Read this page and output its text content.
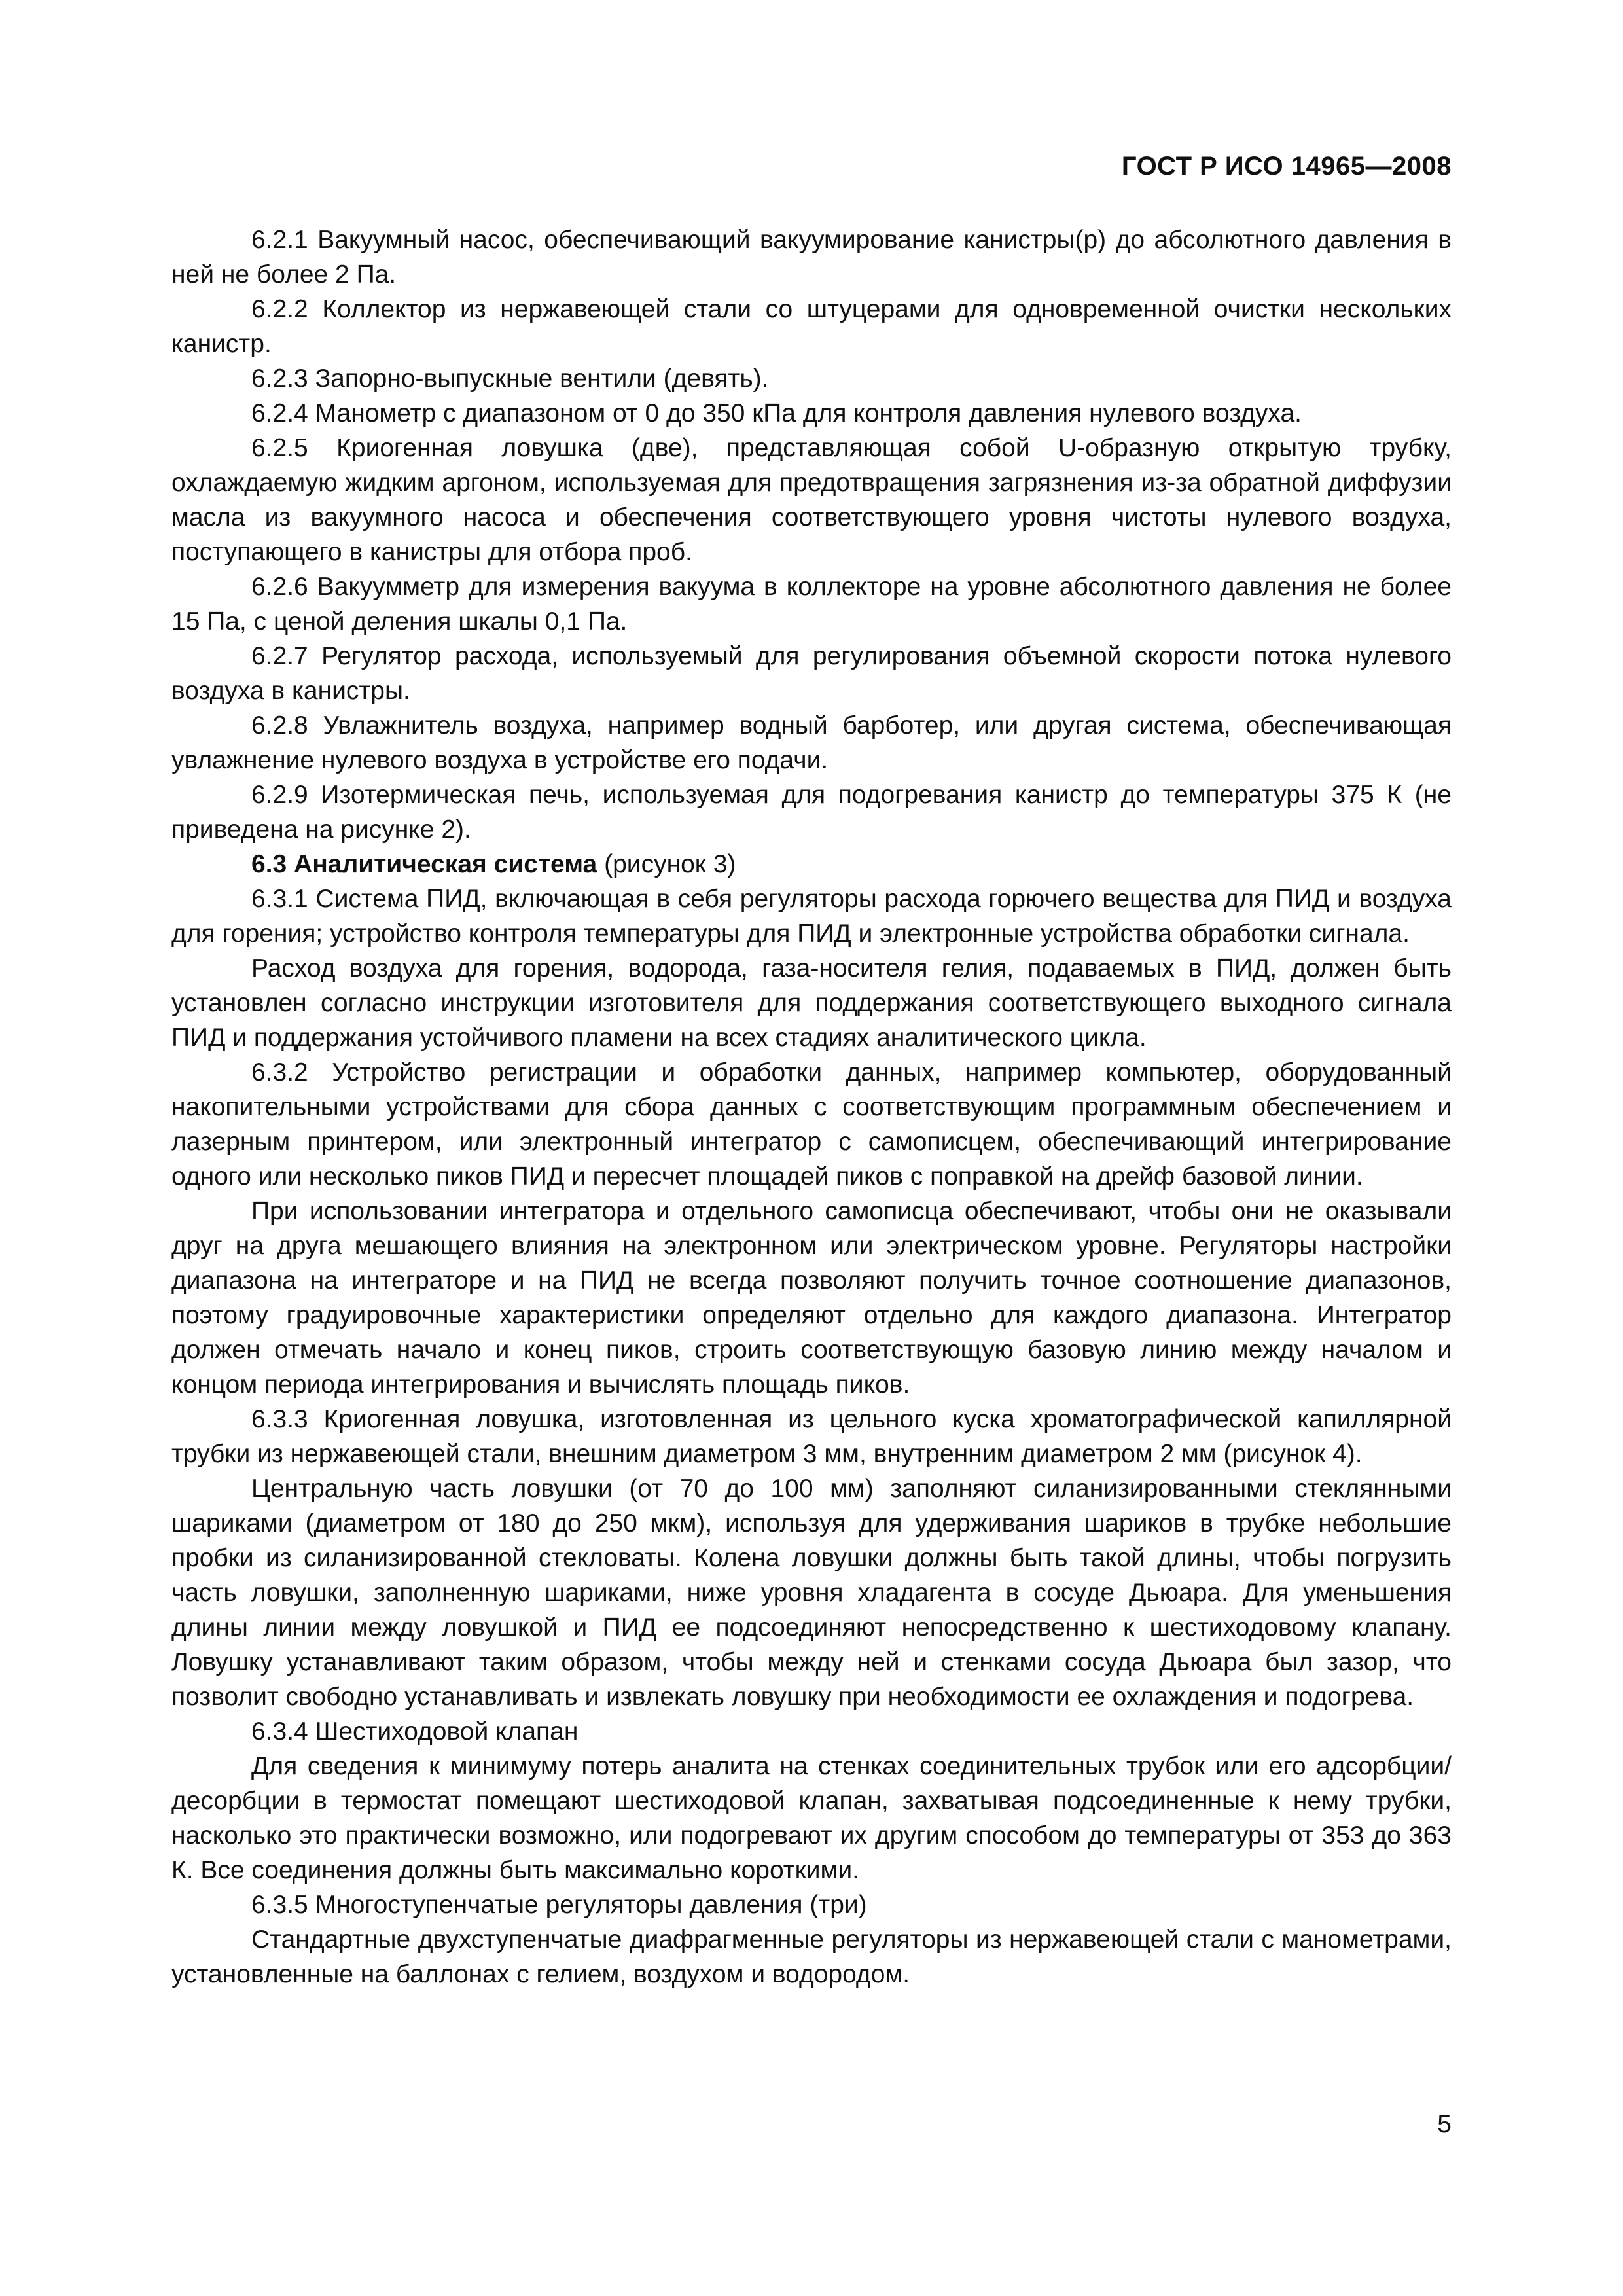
ГОСТ Р ИСО 14965—2008

6.2.1 Вакуумный насос, обеспечивающий вакуумирование канистры(р) до абсолютного давления в ней не более 2 Па.

6.2.2 Коллектор из нержавеющей стали со штуцерами для одновременной очистки нескольких канистр.

6.2.3 Запорно-выпускные вентили (девять).

6.2.4 Манометр с диапазоном от 0 до 350 кПа для контроля давления нулевого воздуха.

6.2.5 Криогенная ловушка (две), представляющая собой U-образную открытую трубку, охлаждаемую жидким аргоном, используемая для предотвращения загрязнения из-за обратной диффузии масла из вакуумного насоса и обеспечения соответствующего уровня чистоты нулевого воздуха, поступающего в канистры для отбора проб.

6.2.6 Вакуумметр для измерения вакуума в коллекторе на уровне абсолютного давления не более 15 Па, с ценой деления шкалы 0,1 Па.

6.2.7 Регулятор расхода, используемый для регулирования объемной скорости потока нулевого воздуха в канистры.

6.2.8 Увлажнитель воздуха, например водный барботер, или другая система, обеспечивающая увлажнение нулевого воздуха в устройстве его подачи.

6.2.9 Изотермическая печь, используемая для подогревания канистр до температуры 375 К (не приведена на рисунке 2).

6.3 Аналитическая система (рисунок 3)

6.3.1 Система ПИД, включающая в себя регуляторы расхода горючего вещества для ПИД и воздуха для горения; устройство контроля температуры для ПИД и электронные устройства обработки сигнала.

Расход воздуха для горения, водорода, газа-носителя гелия, подаваемых в ПИД, должен быть установлен согласно инструкции изготовителя для поддержания соответствующего выходного сигнала ПИД и поддержания устойчивого пламени на всех стадиях аналитического цикла.

6.3.2 Устройство регистрации и обработки данных, например компьютер, оборудованный накопительными устройствами для сбора данных с соответствующим программным обеспечением и лазерным принтером, или электронный интегратор с самописцем, обеспечивающий интегрирование одного или несколько пиков ПИД и пересчет площадей пиков с поправкой на дрейф базовой линии.

При использовании интегратора и отдельного самописца обеспечивают, чтобы они не оказывали друг на друга мешающего влияния на электронном или электрическом уровне. Регуляторы настройки диапазона на интеграторе и на ПИД не всегда позволяют получить точное соотношение диапазонов, поэтому градуировочные характеристики определяют отдельно для каждого диапазона. Интегратор должен отмечать начало и конец пиков, строить соответствующую базовую линию между началом и концом периода интегрирования и вычислять площадь пиков.

6.3.3 Криогенная ловушка, изготовленная из цельного куска хроматографической капиллярной трубки из нержавеющей стали, внешним диаметром 3 мм, внутренним диаметром 2 мм (рисунок 4).

Центральную часть ловушки (от 70 до 100 мм) заполняют силанизированными стеклянными шариками (диаметром от 180 до 250 мкм), используя для удерживания шариков в трубке небольшие пробки из силанизированной стекловаты. Колена ловушки должны быть такой длины, чтобы погрузить часть ловушки, заполненную шариками, ниже уровня хладагента в сосуде Дьюара. Для уменьшения длины линии между ловушкой и ПИД ее подсоединяют непосредственно к шестиходовому клапану. Ловушку устанавливают таким образом, чтобы между ней и стенками сосуда Дьюара был зазор, что позволит свободно устанавливать и извлекать ловушку при необходимости ее охлаждения и подогрева.

6.3.4 Шестиходовой клапан

Для сведения к минимуму потерь аналита на стенках соединительных трубок или его адсорбции/десорбции в термостат помещают шестиходовой клапан, захватывая подсоединенные к нему трубки, насколько это практически возможно, или подогревают их другим способом до температуры от 353 до 363 К. Все соединения должны быть максимально короткими.

6.3.5 Многоступенчатые регуляторы давления (три)

Стандартные двухступенчатые диафрагменные регуляторы из нержавеющей стали с манометрами, установленные на баллонах с гелием, воздухом и водородом.

5
